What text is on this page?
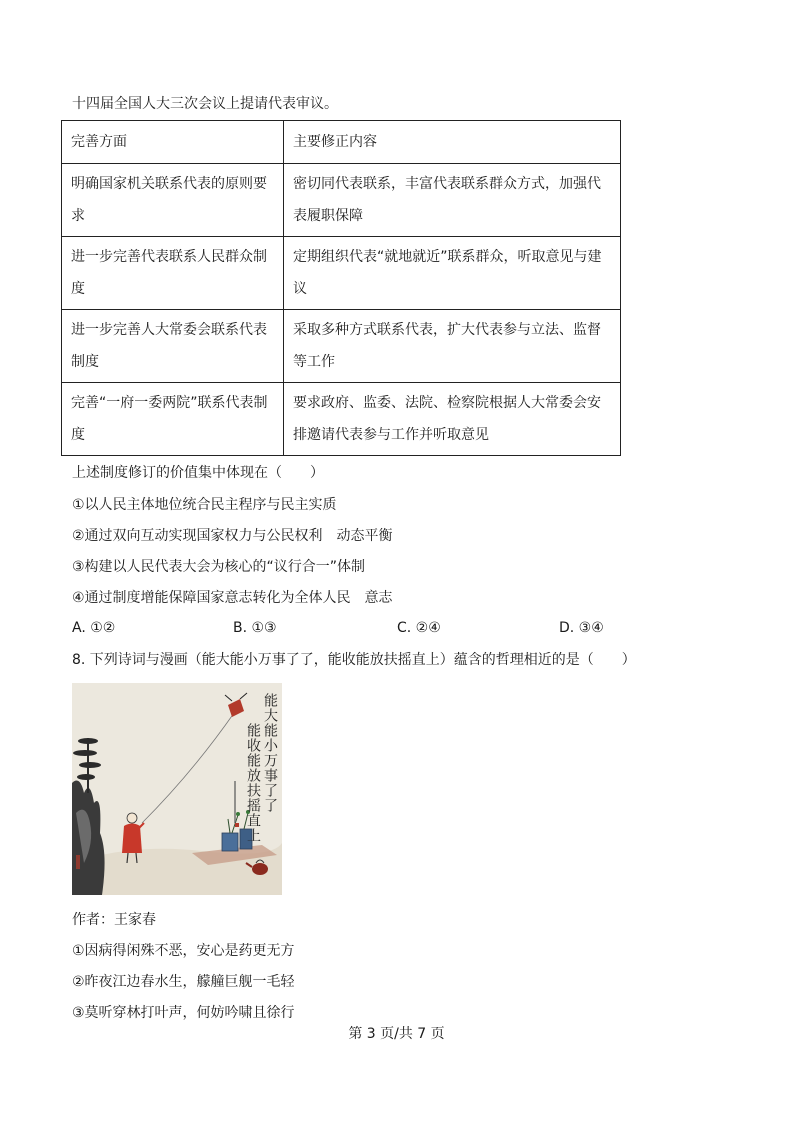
十四届全国人大三次会议上提请代表审议。
完善方面	主要修正内容
明确国家机关联系代表的原则要求	密切同代表联系，丰富代表联系群众方式，加强代表履职保障
进一步完善代表联系人民群众制度	定期组织代表“就地就近”联系群众，听取意见与建议
进一步完善人大常委会联系代表制度	采取多种方式联系代表，扩大代表参与立法、监督等工作
完善“一府一委两院”联系代表制度	要求政府、监委、法院、检察院根据人大常委会安排邀请代表参与工作并听取意见
上述制度修订的价值集中体现在（　　）
①以人民主体地位统合民主程序与民主实质
②通过双向互动实现国家权力与公民权利　动态平衡
③构建以人民代表大会为核心的“议行合一”体制
④通过制度增能保障国家意志转化为全体人民　意志
A. ①②	B. ①③	C. ②④	D. ③④
8. 下列诗词与漫画（能大能小万事了了，能收能放扶摇直上）蕴含的哲理相近的是（　　）
能大能小万事了了
能收能放扶摇直上
作者：王家春
①因病得闲殊不恶，安心是药更无方
②昨夜江边春水生，艨艟巨舰一毛轻
③莫听穿林打叶声，何妨吟啸且徐行
第 3 页/共 7 页
